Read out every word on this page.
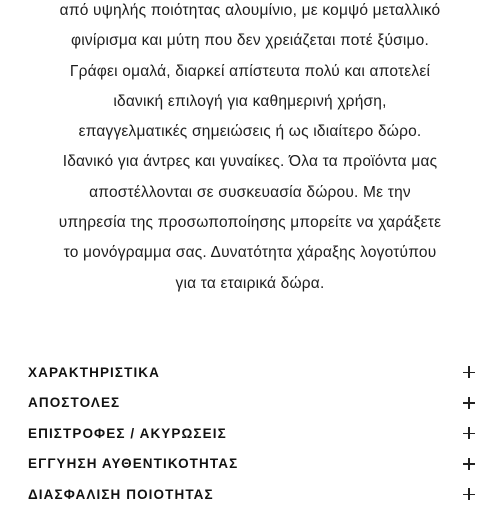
από υψηλής ποιότητας αλουμίνιο, με κομψό μεταλλικό
φινίρισμα και μύτη που δεν χρειάζεται ποτέ ξύσιμο.
Γράφει ομαλά, διαρκεί απίστευτα πολύ και αποτελεί
ιδανική επιλογή για καθημερινή χρήση,
επαγγελματικές σημειώσεις ή ως ιδιαίτερο δώρο.
Ιδανικό για άντρες και γυναίκες. Όλα τα προϊόντα μας
αποστέλλονται σε συσκευασία δώρου. Με την
υπηρεσία της προσωποποίησης μπορείτε να χαράξετε
το μονόγραμμα σας. Δυνατότητα χάραξης λογοτύπου
για τα εταιρικά δώρα.
ΧΑΡΑΚΤΗΡΙΣΤΙΚΑ
ΑΠΟΣΤΟΛΕΣ
ΕΠΙΣΤΡΟΦΕΣ / ΑΚΥΡΩΣΕΙΣ
ΕΓΓΥΗΣΗ ΑΥΘΕΝΤΙΚΟΤΗΤΑΣ
ΔΙΑΣΦΑΛΙΣΗ ΠΟΙΟΤΗΤΑΣ
